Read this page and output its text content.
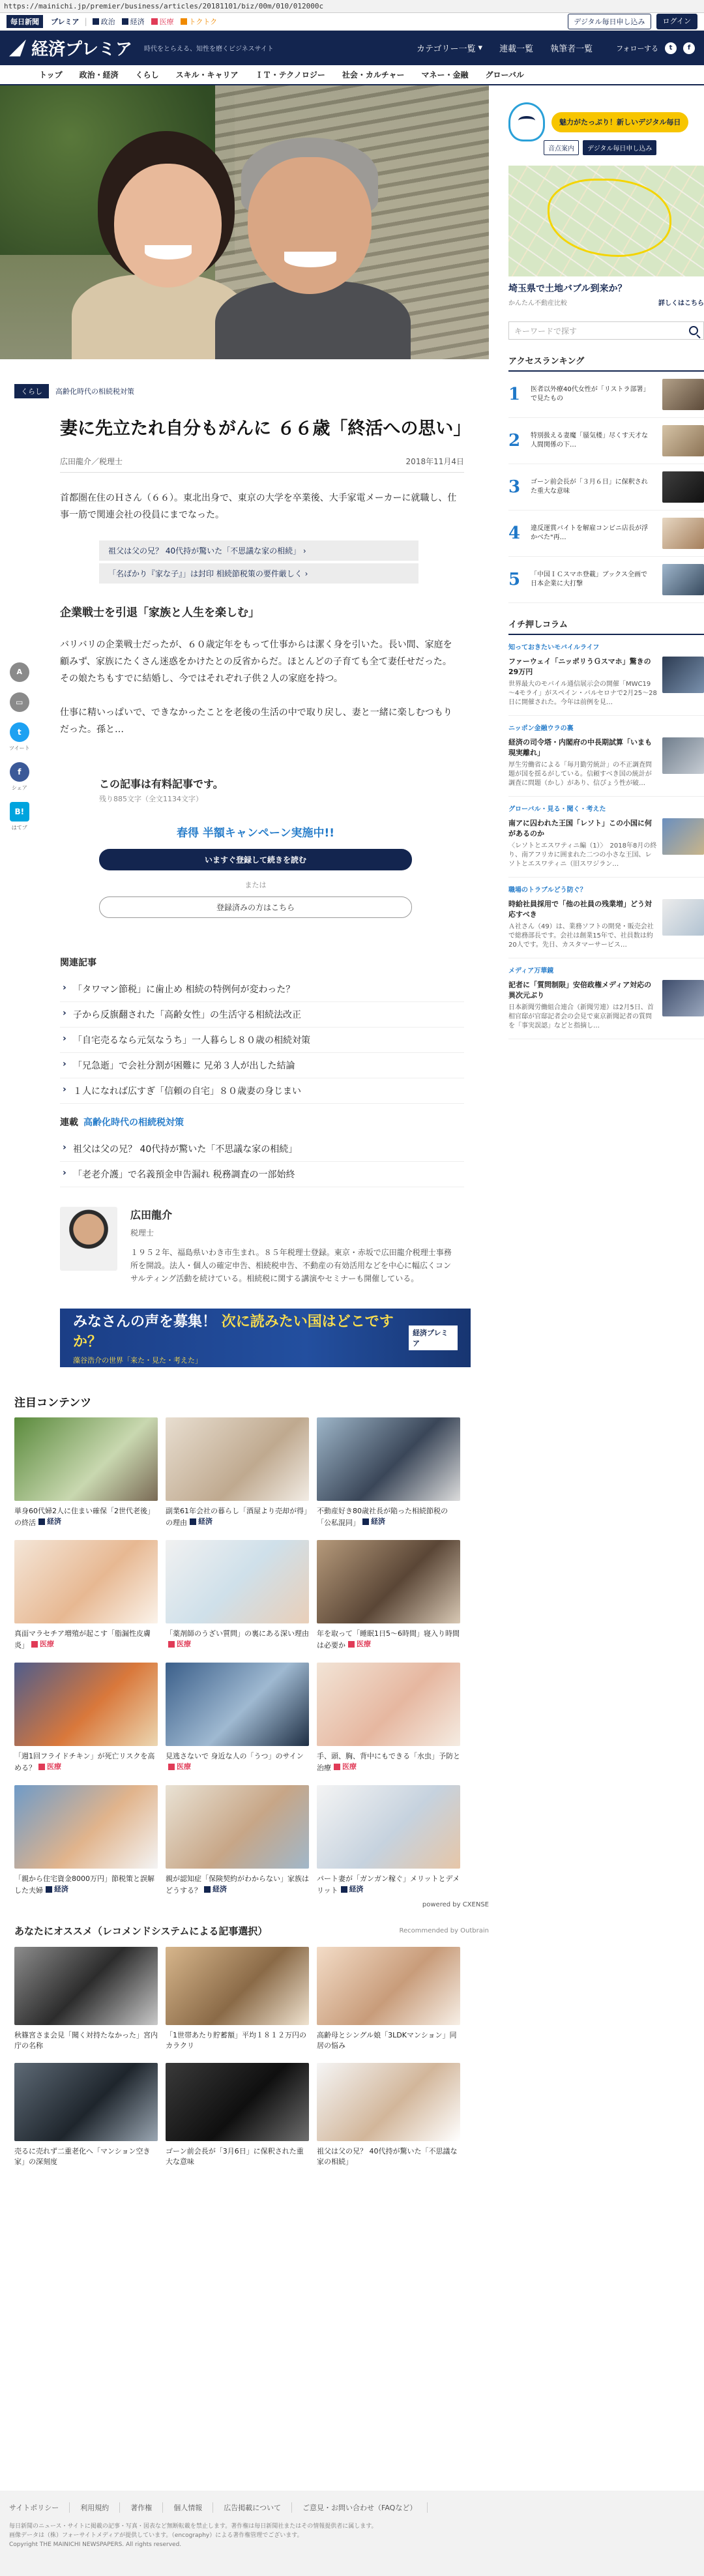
https://mainichi.jp/premier/business/articles/20181101/biz/00m/010/012000c
毎日新聞	プレミア | 政治 経済 医療 トクトク	デジタル毎日申し込み	ログイン
経済プレミア 時代をとらえる、知性を磨くビジネスサイト	カテゴリー一覧 ▾ 連載一覧 執筆者一覧	フォローする	t	f
トップ 政治・経済 くらし スキル・キャリア ＩＴ・テクノロジー 社会・カルチャー マネー・金融 グローバル
A
▭
t
ツイート
f
シェア
B!
はてブ
くらし	高齢化時代の相続税対策
妻に先立たれ自分もがんに ６６歳「終活への思い」
広田龍介／税理士	2018年11月4日

首都圏在住のＨさん（６６）。東北出身で、東京の大学を卒業後、大手家電メーカーに就職し、仕事一筋で関連会社の役員にまでなった。

祖父は父の兄？ 40代持が驚いた「不思議な家の相続」 ›
「名ばかり『家な子』」は封印 相続節税策の要件厳しく ›
企業戦士を引退「家族と人生を楽しむ」

バリバリの企業戦士だったが、６０歳定年をもって仕事からは潔く身を引いた。長い間、家庭を顧みず、家族にたくさん迷惑をかけたとの反省からだ。ほとんどの子育ても全て妻任せだった。その娘たちもすでに結婚し、今ではそれぞれ子供２人の家庭を持つ。

仕事に精いっぱいで、できなかったことを老後の生活の中で取り戻し、妻と一緒に楽しむつもりだった。孫と…

この記事は有料記事です。
残り885文字（全文1134文字）
春得 半額キャンペーン実施中!!
いますぐ登録して続きを読む
または
登録済みの方はこちら
関連記事
› 「タワマン節税」に歯止め 相続の特例何が変わった？
› 子から反旗翻された「高齢女性」の生活守る相続法改正
› 「自宅売るなら元気なうち」一人暮らし８０歳の相続対策
› 「兄急逝」で会社分割が困難に 兄弟３人が出した結論
› １人になれば広すぎ「信頼の自宅」８０歳妻の身じまい
連載 高齢化時代の相続税対策
› 祖父は父の兄？ 40代持が驚いた「不思議な家の相続」
› 「老老介護」で名義預金申告漏れ 税務調査の一部始終
広田龍介
税理士
１９５２年、福島県いわき市生まれ。８５年税理士登録。東京・赤坂で広田龍介税理士事務所を開設。法人・個人の確定申告、相続税申告、不動産の有効活用などを中心に幅広くコンサルティング活動を続けている。相続税に関する講演やセミナーも開催している。
みなさんの声を募集！ 次に読みたい国はどこですか？
藻谷浩介の世界「来た・見た・考えた」
経済プレミア
注目コンテンツ
単身60代婦2人に住まい確保「2世代老後」の終活 経済
副業61年会社の暮らし「酒屋より売却が得」の理由 経済
不動産好き80歳社長が陥った相続節税の「公私混同」 経済
真面マラセチア増殖が起こす「脂漏性皮膚炎」 医療
「薬剤師のうざい質問」の裏にある深い理由
医療
年を取って「睡眠1日5～6時間」寝入り時間は必要か 医療
「週1回フライドチキン」が死亡リスクを高める？ 医療
見逃さないで 身近な人の「うつ」のサイン
医療
手、頭、胸、背中にもできる「水虫」予防と治療 医療
「親から住宅資金8000万円」節税策と誤解した夫婦 経済
親が認知症「保険契約がわからない」家族はどうする？ 経済
パート妻が「ガンガン稼ぐ」メリットとデメリット 経済
powered by CXENSE
あなたにオススメ（レコメンドシステムによる記事選択）	Recommended by Outbrain
秋篠宮さま会見「聞く対持たなかった」宮内庁の名称
「1世帯あたり貯蓄額」平均１８１２万円のカラクリ
高齢母とシングル娘「3LDKマンション」同居の悩み
売るに売れず二重老化へ「マンション空き家」の深刻度
ゴーン前会長が「3月6日」に保釈された重大な意味
祖父は父の兄？ 40代持が驚いた「不思議な家の相続」
魅力がたっぷり！新しいデジタル毎日
音点案内	デジタル毎日申し込み
埼玉県で土地バブル到来か？
かんたん不動産比較	詳しくはこちら
キーワードで探す
アクセスランキング
1	医者以外療40代女性が「リストラ部署」で見たもの
2	特別扱える妻魔「蜃気楼」尽くす天才な人間関係の下…
3	ゴーン前会長が「３月６日」に保釈された重大な意味
4	違反運賞バイトを解雇コンビニ店長が浮かべた"再…
5	「中国ＩＣスマホ登載」ブックス全画で日本企業に大打撃
イチ押しコラム
知っておきたいモバイルライフ
ファーウェイ「ニッポリうＧスマホ」驚きの29万円
世界最大のモバイル通信展示会の開催「MWC19～4モライ」がスペイン・バルセロナで2月25～28日に開催された。今年は前例を見…
ニッポン金融ウラの裏
経済の司令塔・内閣府の中長期試算「いまも現実離れ」
厚生労働省による「毎月勤労統計」の不正調査問題が国を揺るがしている。信頼すべき国の統計が調査に問題（かし）があり、信ぴょう性が破…
グローバル・見る・聞く・考えた
南アに囚われた王国「レソト」この小国に何があるのか
〈レソトとエスワティニ編（1）〉　2018年8月の終り、南アフリカに囲まれた二つの小さな王国、レソトとエスワティニ（旧スワジラン…
職場のトラブルどう防ぐ？
時給社員採用で「他の社員の残業増」どう対応すべき
Ａ社さん（49）は、業務ソフトの開発・販売会社で総務部長です。会社は創業15年で、社員数は約20人です。先日、カスタマーサービス…
メディア万華鏡
記者に「質問制限」安倍政権メディア対応の異次元ぶり
日本新聞労働組合連合（新聞労連）は2月5日、首相官邸が官邸記者会の会見で東京新聞記者の質問を「事実誤認」などと指摘し…
サイトポリシー	利用規約	著作権	個人情報	広告掲載について	ご意見・お問い合わせ（FAQなど）
毎日新聞のニュース・サイトに掲載の記事・写真・図表など無断転載を禁止します。著作権は毎日新聞社またはその情報提供者に属します。
画像データは（株）フォーサイトメディアが提供しています。（encography）による著作権管理でございます。
Copyright THE MAINICHI NEWSPAPERS. All rights reserved.
